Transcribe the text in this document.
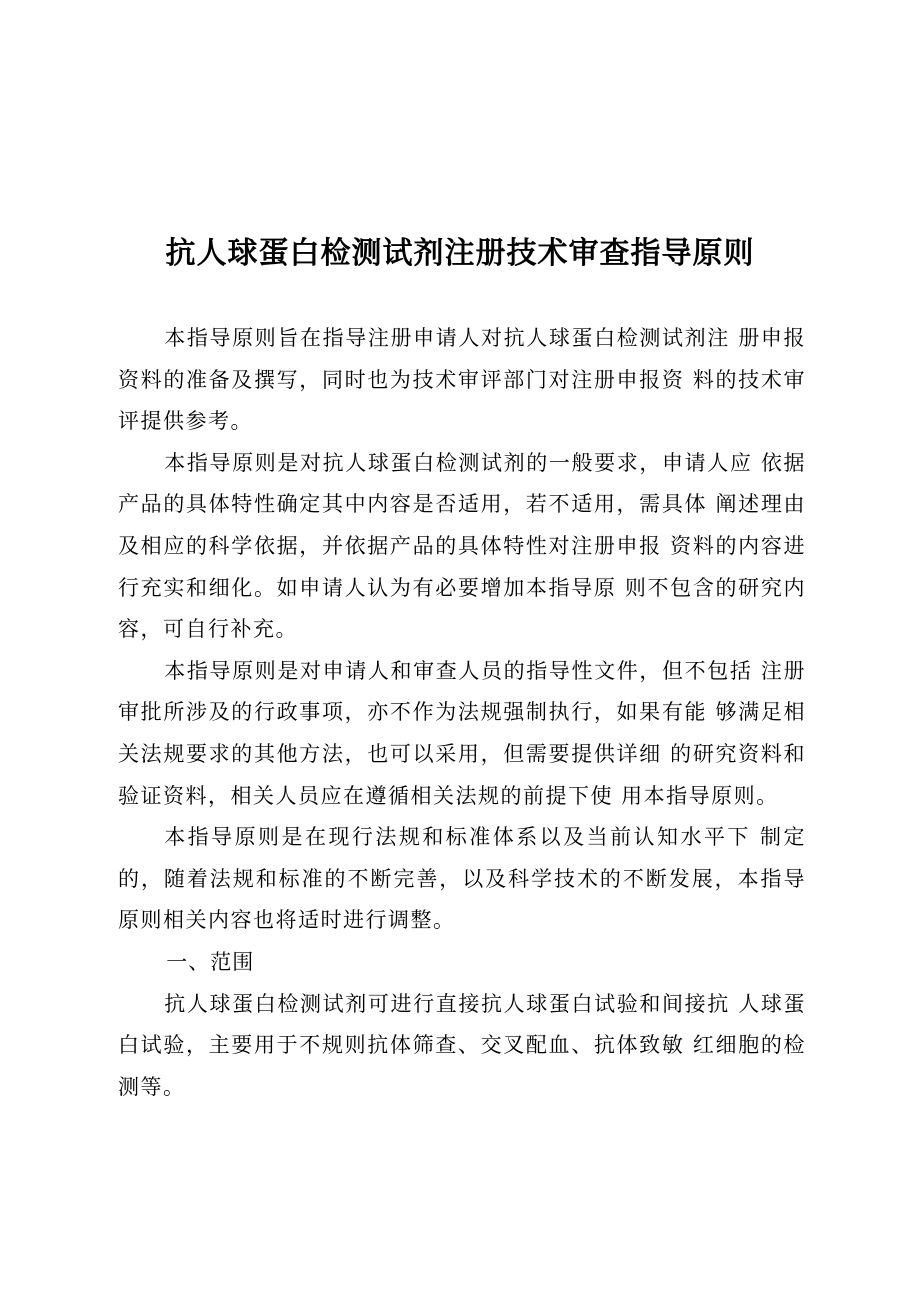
抗人球蛋白检测试剂注册技术审查指导原则

本指导原则旨在指导注册申请人对抗人球蛋白检测试剂注 册申报资料的准备及撰写，同时也为技术审评部门对注册申报资 料的技术审评提供参考。

本指导原则是对抗人球蛋白检测试剂的一般要求，申请人应 依据产品的具体特性确定其中内容是否适用，若不适用，需具体 阐述理由及相应的科学依据，并依据产品的具体特性对注册申报 资料的内容进行充实和细化。如申请人认为有必要增加本指导原 则不包含的研究内容，可自行补充。

本指导原则是对申请人和审查人员的指导性文件，但不包括 注册审批所涉及的行政事项，亦不作为法规强制执行，如果有能 够满足相关法规要求的其他方法，也可以采用，但需要提供详细 的研究资料和验证资料，相关人员应在遵循相关法规的前提下使 用本指导原则。

本指导原则是在现行法规和标准体系以及当前认知水平下 制定的，随着法规和标准的不断完善，以及科学技术的不断发展，本指导原则相关内容也将适时进行调整。

一、范围

抗人球蛋白检测试剂可进行直接抗人球蛋白试验和间接抗 人球蛋白试验，主要用于不规则抗体筛查、交叉配血、抗体致敏 红细胞的检测等。
